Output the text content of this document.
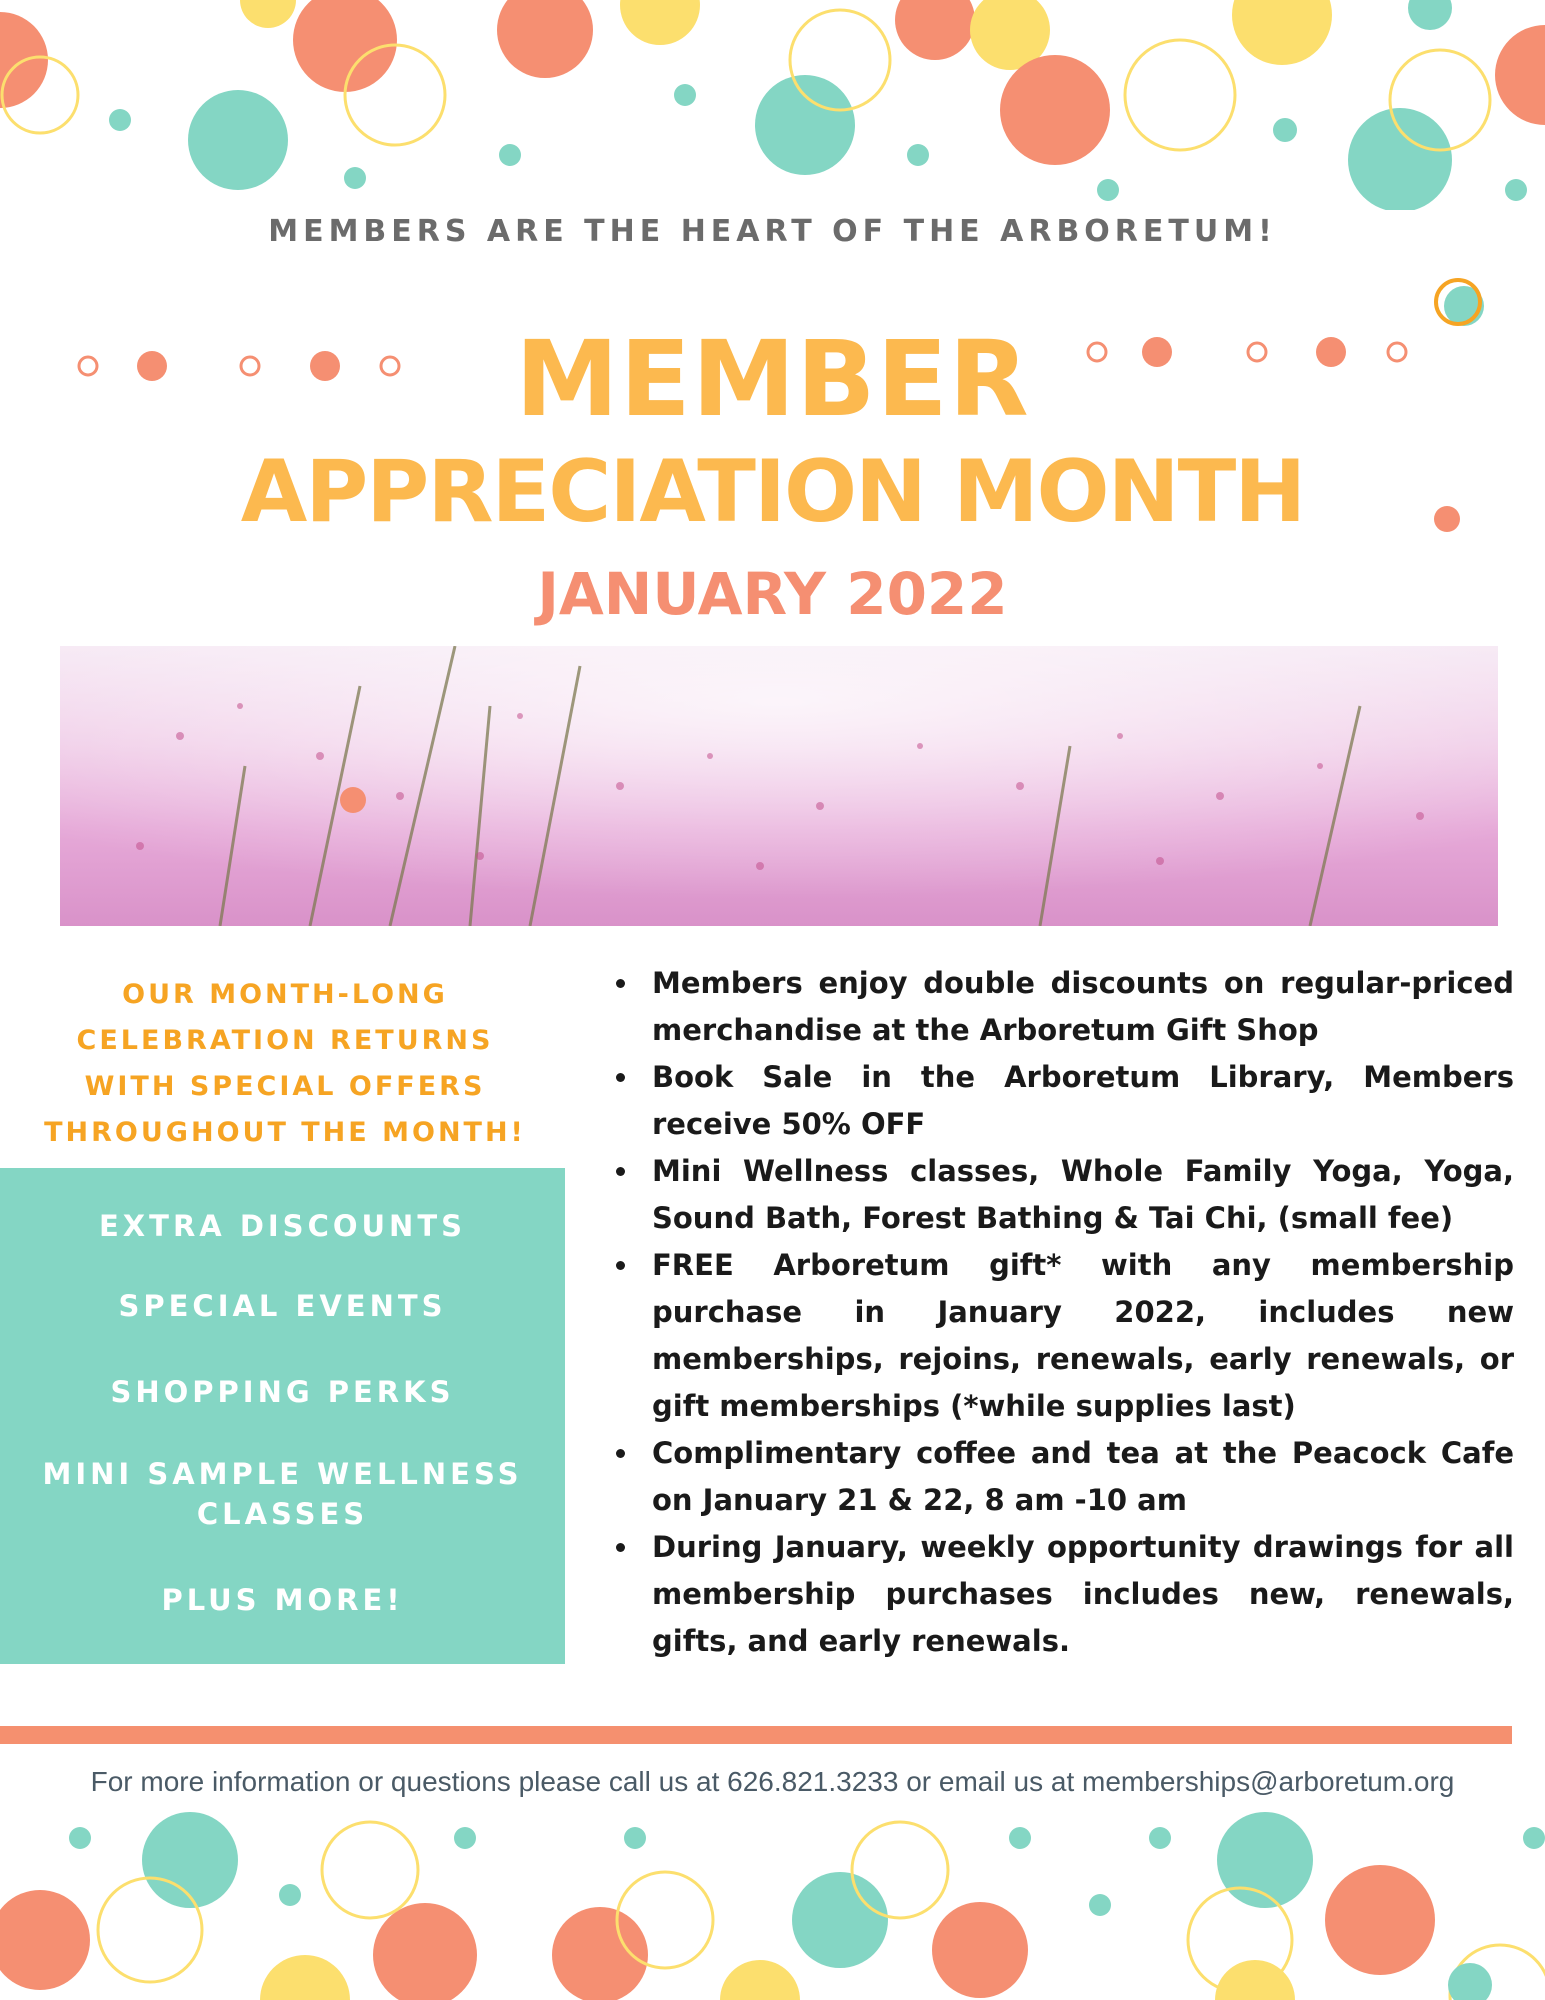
MEMBERS ARE THE HEART OF THE ARBORETUM!
MEMBER
APPRECIATION MONTH
JANUARY 2022
OUR MONTH-LONG
CELEBRATION RETURNS
WITH SPECIAL OFFERS
THROUGHOUT THE MONTH!
EXTRA DISCOUNTS
SPECIAL EVENTS
SHOPPING PERKS
MINI SAMPLE WELLNESS CLASSES
PLUS MORE!
Members enjoy double discounts on regular-priced merchandise at the Arboretum Gift Shop
Book Sale in the Arboretum Library, Members receive 50% OFF
Mini Wellness classes, Whole Family Yoga, Yoga, Sound Bath, Forest Bathing & Tai Chi, (small fee)
FREE Arboretum gift* with any membership purchase in January 2022, includes new memberships, rejoins, renewals, early renewals, or gift memberships (*while supplies last)
Complimentary coffee and tea at the Peacock Cafe on January 21 & 22, 8 am -10 am
During January, weekly opportunity drawings for all membership purchases includes new, renewals, gifts, and early renewals.
For more information or questions please call us at 626.821.3233 or email us at memberships@arboretum.org
